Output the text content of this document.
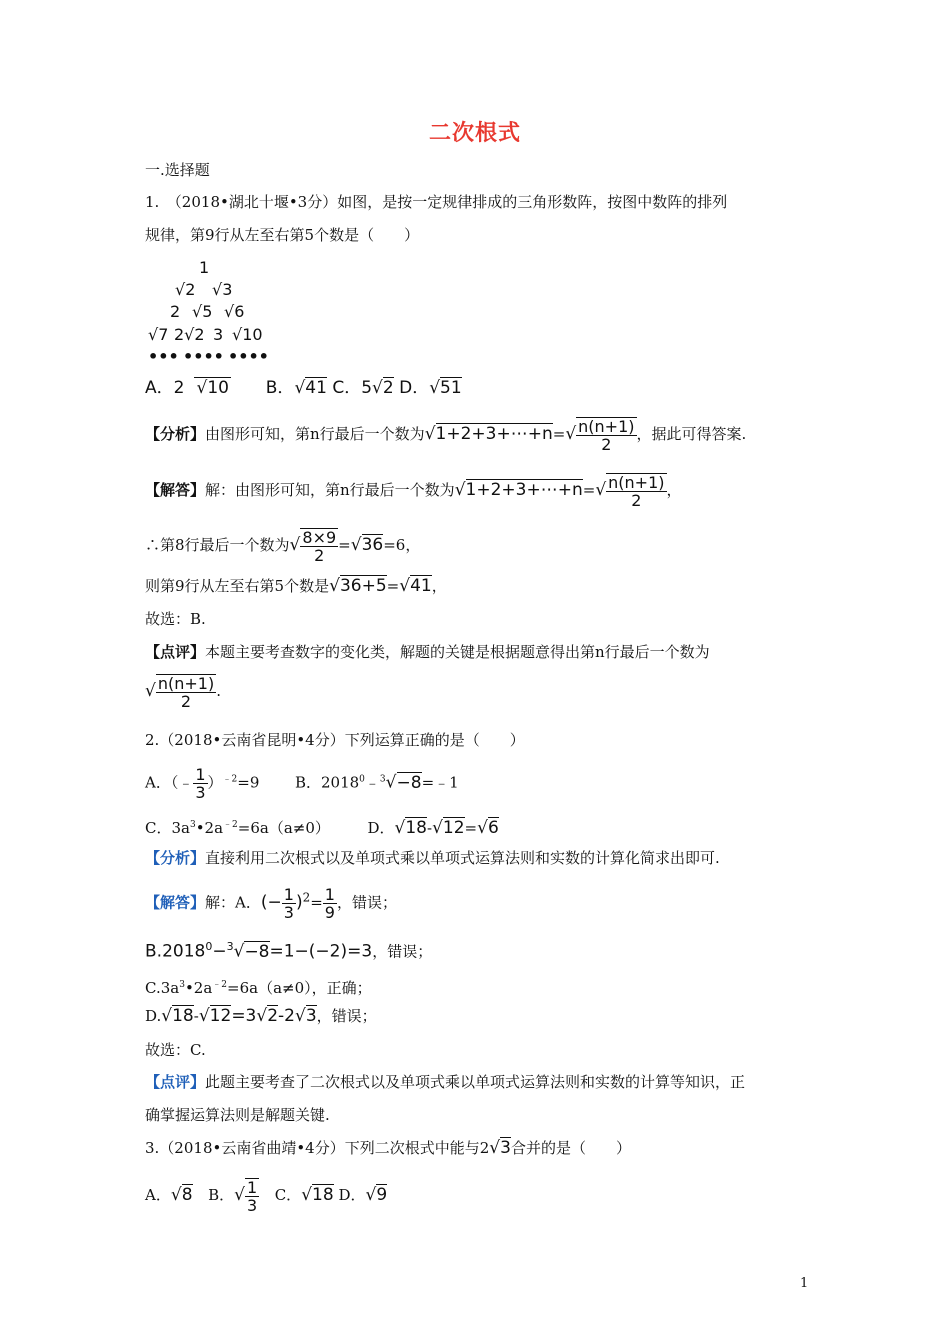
二次根式
一.选择题
1.　（2018•湖北十堰•3分）如图，是按一定规律排成的三角形数阵，按图中数阵的排列
规律，第9行从左至右第5个数是（　　）
1
√2 √3
2 √5 √6
√7 2√2 3 √10
••• •••• ••••
A．2 √10 B．√41 C．5√2 D．√51
【分析】由图形可知，第n行最后一个数为√1+2+3+⋯+n=√ $\frac{n(n+1)}{2}$ ，据此可得答案.
【解答】解：由图形可知，第n行最后一个数为√1+2+3+⋯+n=√ $\frac{n(n+1)}{2}$ ，
∴第8行最后一个数为√ $\frac{8\times 9}{2} =√36=6$，
则第9行从左至右第5个数是√36+5=√41，
故选：B.
【点评】本题主要考查数字的变化类，解题的关键是根据题意得出第n行最后一个数为
√ $\frac{n(n+1)}{2}$ .
2.（2018•云南省昆明•4分）下列运算正确的是（　　）
A．（﹣ $\frac{1}{3} )^{﹣2}=9$ B．$2018^0﹣^3√-8=﹣1$
C．$3a^3•2a^{﹣2}=6a(a\ne 0)$	D．√18-√12=√6
【分析】直接利用二次根式以及单项式乘以单项式运算法则和实数的计算化简求出即可.
【解答】解：A．(− $\frac{1}{3} )^2= \frac{1}{9}$ ，错误；
$B.2018^0-^3√-8=1-(-2)=3$，错误；
$C.3a^3•2a^{﹣2}=6a(a\ne 0)$，正确；
D.√18-√12=3√2-2√3，错误；
故选：C.
【点评】此题主要考查了二次根式以及单项式乘以单项式运算法则和实数的计算等知识，正
确掌握运算法则是解题关键.
3.（2018•云南省曲靖•4分）下列二次根式中能与2√3合并的是（　　）
A．√8 B．√ $\frac{1}{3}$ C．√18 D．√9
1
